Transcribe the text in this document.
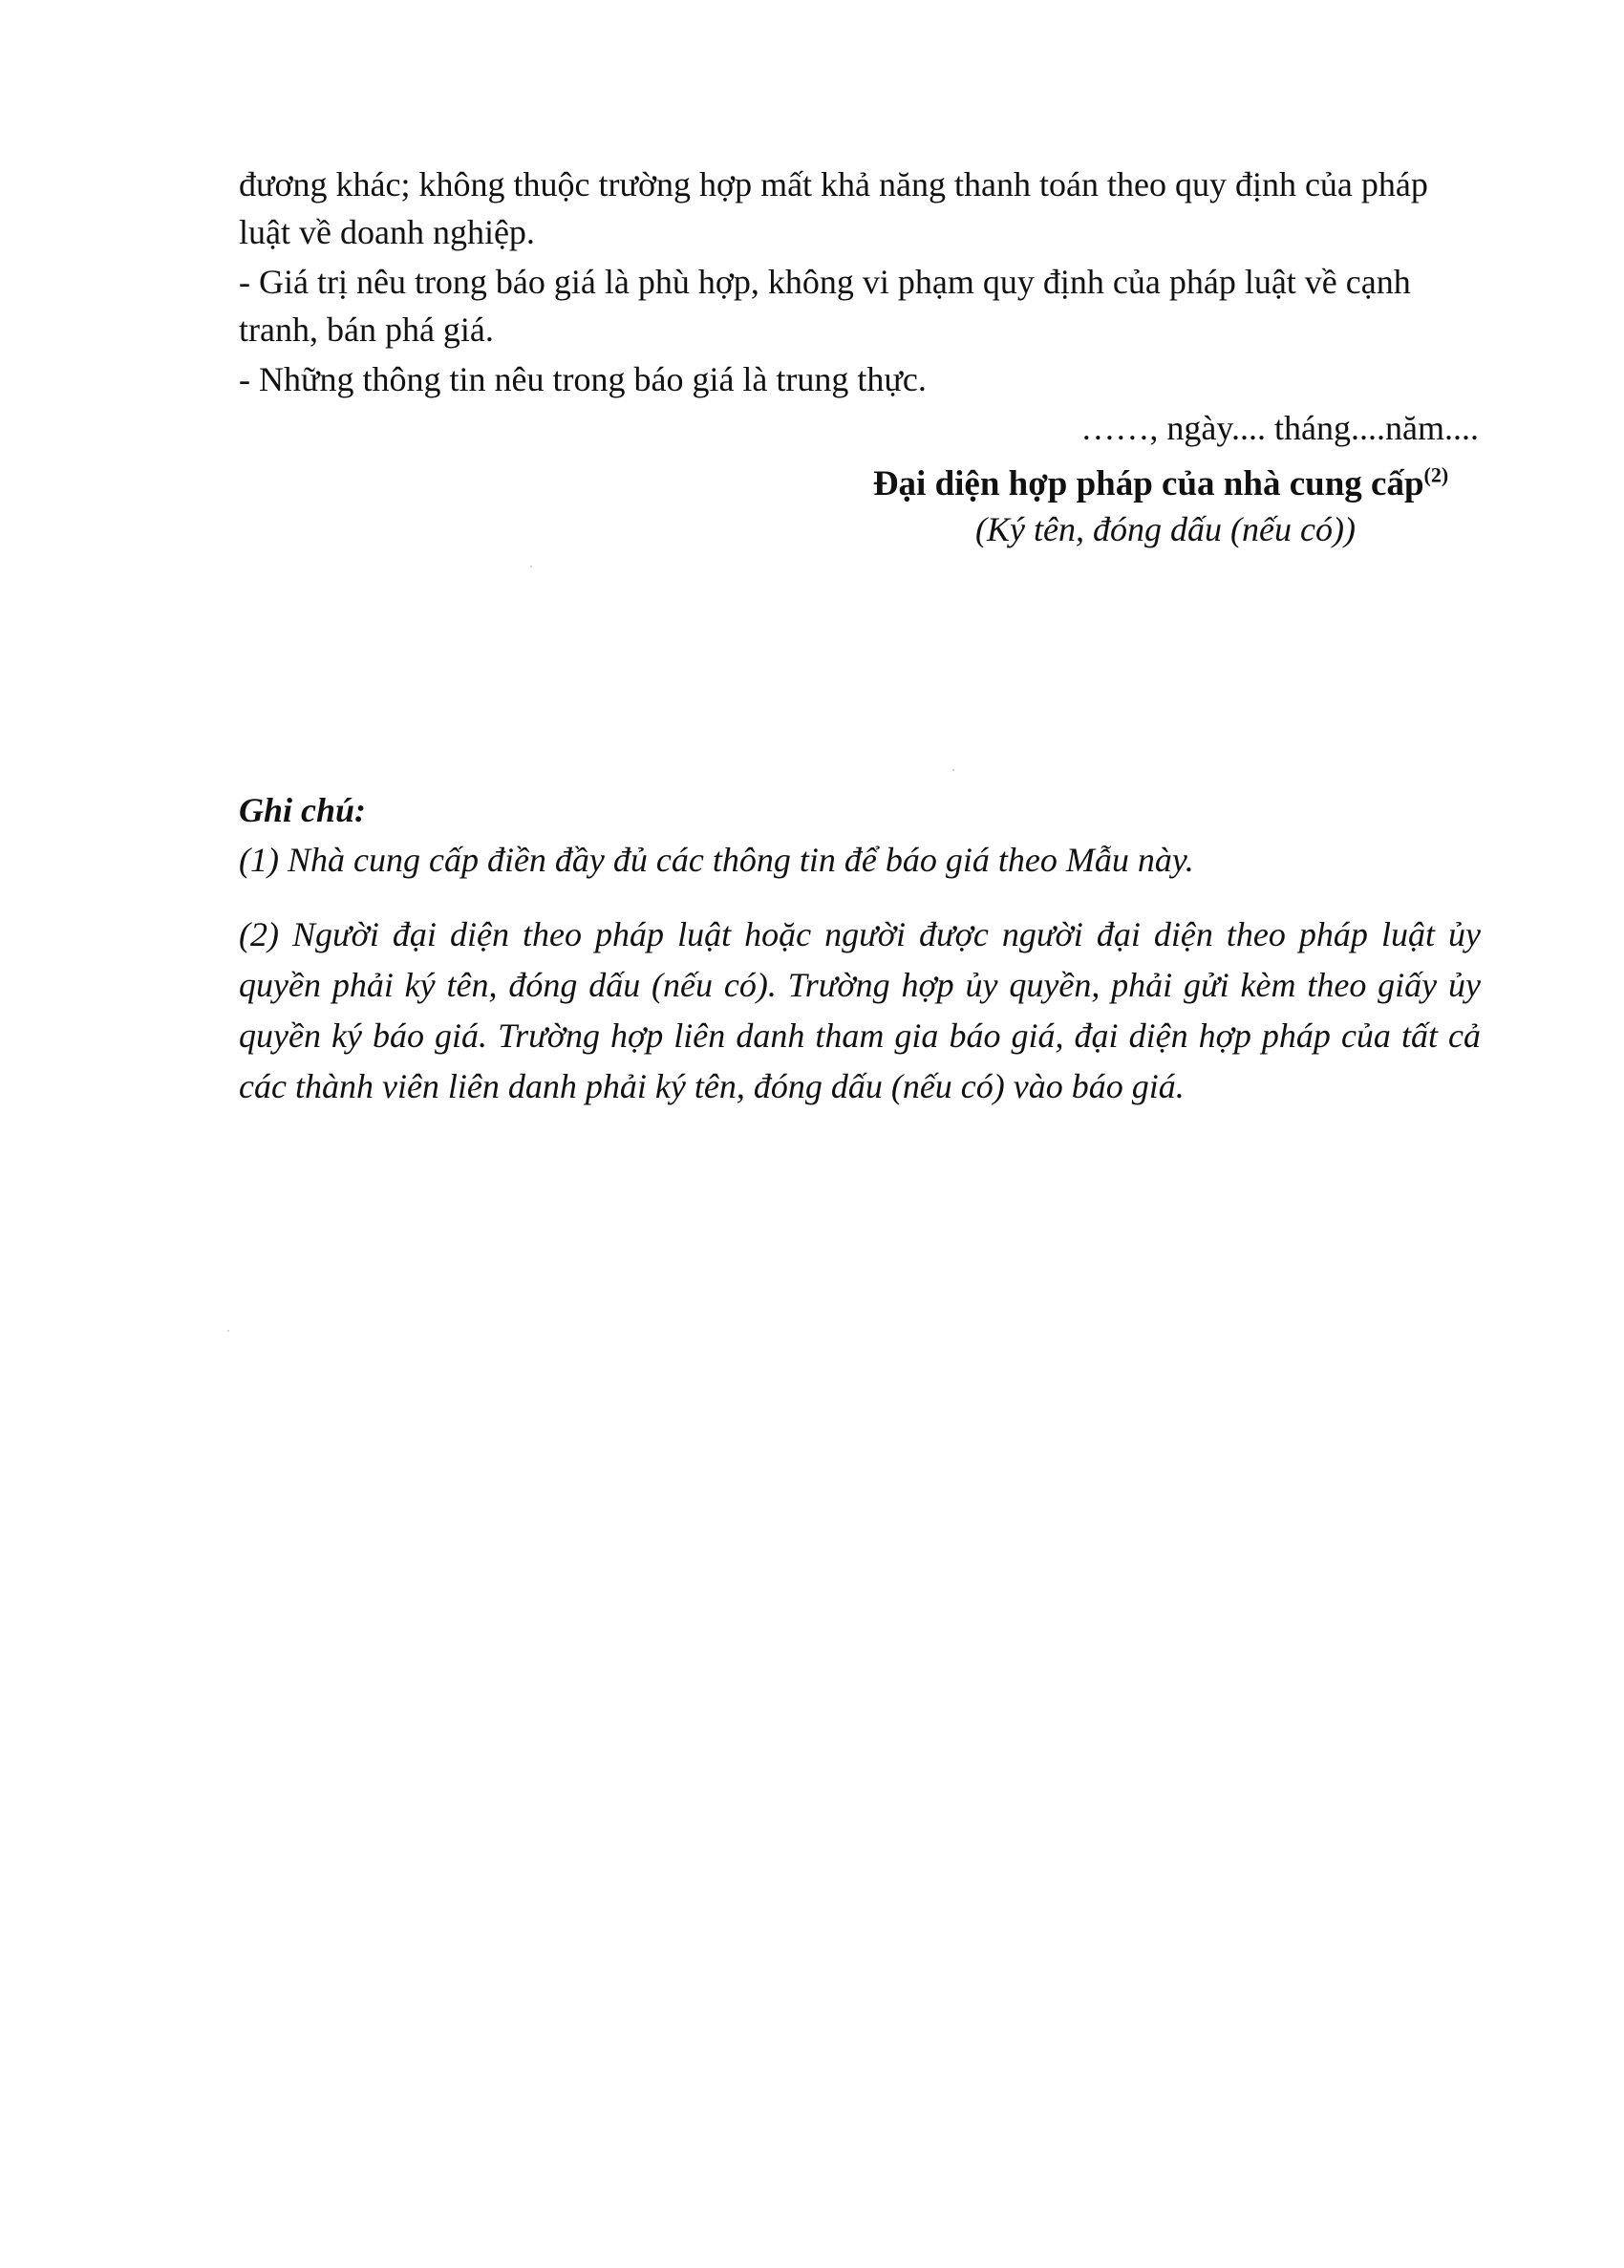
đương khác; không thuộc trường hợp mất khả năng thanh toán theo quy định của pháp luật về doanh nghiệp.

- Giá trị nêu trong báo giá là phù hợp, không vi phạm quy định của pháp luật về cạnh tranh, bán phá giá.

- Những thông tin nêu trong báo giá là trung thực.

……, ngày.... tháng....năm....
Đại diện hợp pháp của nhà cung cấp$^{(2)}$
(Ký tên, đóng dấu (nếu có))

Ghi chú:

(1) Nhà cung cấp điền đầy đủ các thông tin để báo giá theo Mẫu này.

(2) Người đại diện theo pháp luật hoặc người được người đại diện theo pháp luật ủy quyền phải ký tên, đóng dấu (nếu có). Trường hợp ủy quyền, phải gửi kèm theo giấy ủy quyền ký báo giá. Trường hợp liên danh tham gia báo giá, đại diện hợp pháp của tất cả các thành viên liên danh phải ký tên, đóng dấu (nếu có) vào báo giá.
